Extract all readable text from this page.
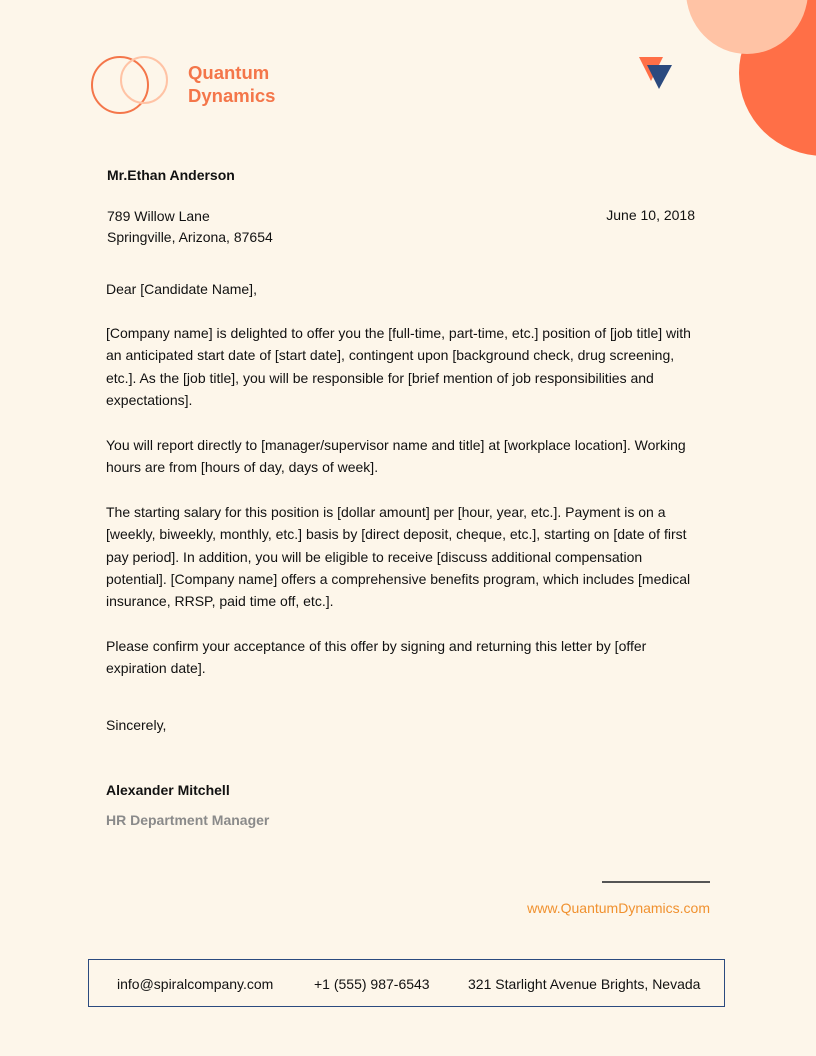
Quantum
Dynamics
Mr.Ethan Anderson
789 Willow Lane
Springville, Arizona, 87654
June 10, 2018

Dear [Candidate Name],

[Company name] is delighted to offer you the [full-time, part-time, etc.] position of [job title] with an anticipated start date of [start date], contingent upon [background check, drug screening, etc.]. As the [job title], you will be responsible for [brief mention of job responsibilities and expectations].

You will report directly to [manager/supervisor name and title] at [workplace location]. Working hours are from [hours of day, days of week].

The starting salary for this position is [dollar amount] per [hour, year, etc.]. Payment is on a [weekly, biweekly, monthly, etc.] basis by [direct deposit, cheque, etc.], starting on [date of first pay period]. In addition, you will be eligible to receive [discuss additional compensation potential]. [Company name] offers a comprehensive benefits program, which includes [medical insurance, RRSP, paid time off, etc.].

Please confirm your acceptance of this offer by signing and returning this letter by [offer expiration date].

Sincerely,

Alexander Mitchell
HR Department Manager
www.QuantumDynamics.com
info@spiralcompany.com	+1 (555) 987-6543	321 Starlight Avenue Brights, Nevada
